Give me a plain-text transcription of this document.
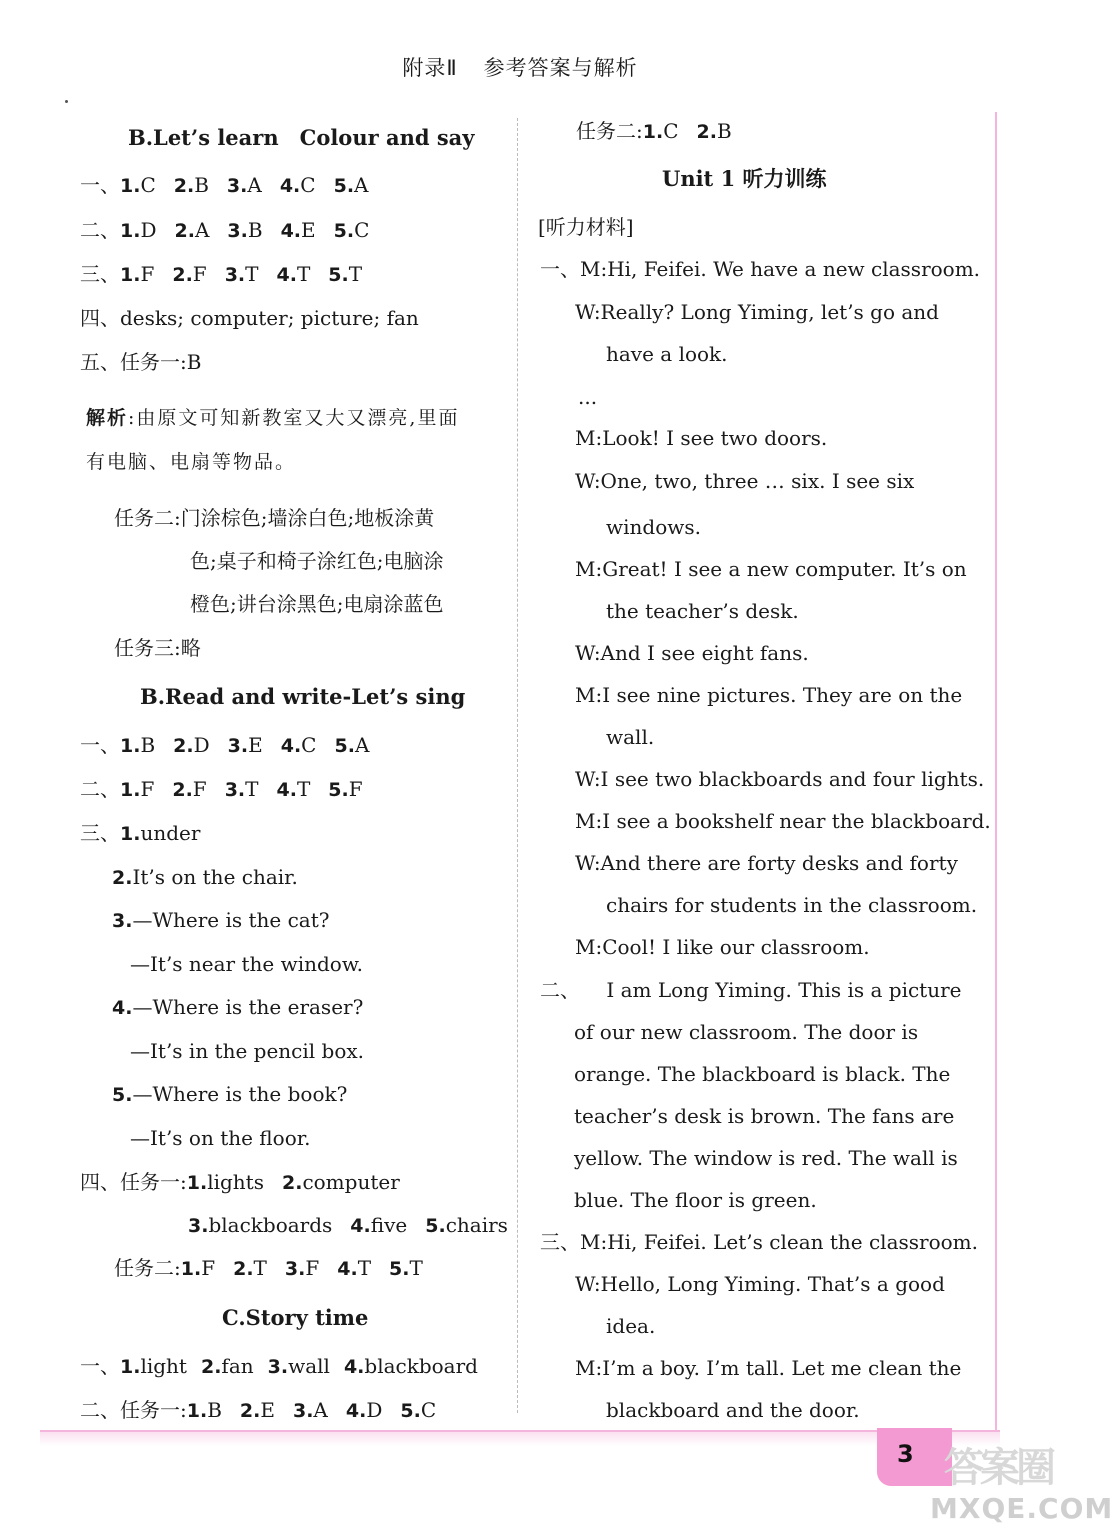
附录Ⅱ 参考答案与解析
3 答案圈
MXQE.COM
B.Let’s learn Colour and say
一、1.C 2.B 3.A 4.C 5.A
二、1.D 2.A 3.B 4.E 5.C
三、1.F 2.F 3.T 4.T 5.T
四、desks; computer; picture; fan
五、任务一:B
解析:由原文可知新教室又大又漂亮,里面
有电脑、电扇等物品。
任务二:门涂棕色;墙涂白色;地板涂黄
色;桌子和椅子涂红色;电脑涂
橙色;讲台涂黑色;电扇涂蓝色
任务三:略
B.Read and write-Let’s sing
一、1.B 2.D 3.E 4.C 5.A
二、1.F 2.F 3.T 4.T 5.F
三、1.under
2.It’s on the chair.
3.—Where is the cat?
—It’s near the window.
4.—Where is the eraser?
—It’s in the pencil box.
5.—Where is the book?
—It’s on the floor.
四、任务一:1.lights 2.computer
3.blackboards 4.five 5.chairs
任务二:1.F 2.T 3.F 4.T 5.T
C.Story time
一、1.light 2.fan 3.wall 4.blackboard
二、任务一:1.B 2.E 3.A 4.D 5.C
任务二:1.C 2.B
Unit 1 听力训练
[听力材料]
一、M:Hi, Feifei. We have a new classroom.
W:Really? Long Yiming, let’s go and
have a look.
...
M:Look! I see two doors.
W:One, two, three … six. I see six
windows.
M:Great! I see a new computer. It’s on
the teacher’s desk.
W:And I see eight fans.
M:I see nine pictures. They are on the
wall.
W:I see two blackboards and four lights.
M:I see a bookshelf near the blackboard.
W:And there are forty desks and forty
chairs for students in the classroom.
M:Cool! I like our classroom.
二、  I am Long Yiming. This is a picture
of our new classroom. The door is
orange. The blackboard is black. The
teacher’s desk is brown. The fans are
yellow. The window is red. The wall is
blue. The floor is green.
三、M:Hi, Feifei. Let’s clean the classroom.
W:Hello, Long Yiming. That’s a good
idea.
M:I’m a boy. I’m tall. Let me clean the
blackboard and the door.
